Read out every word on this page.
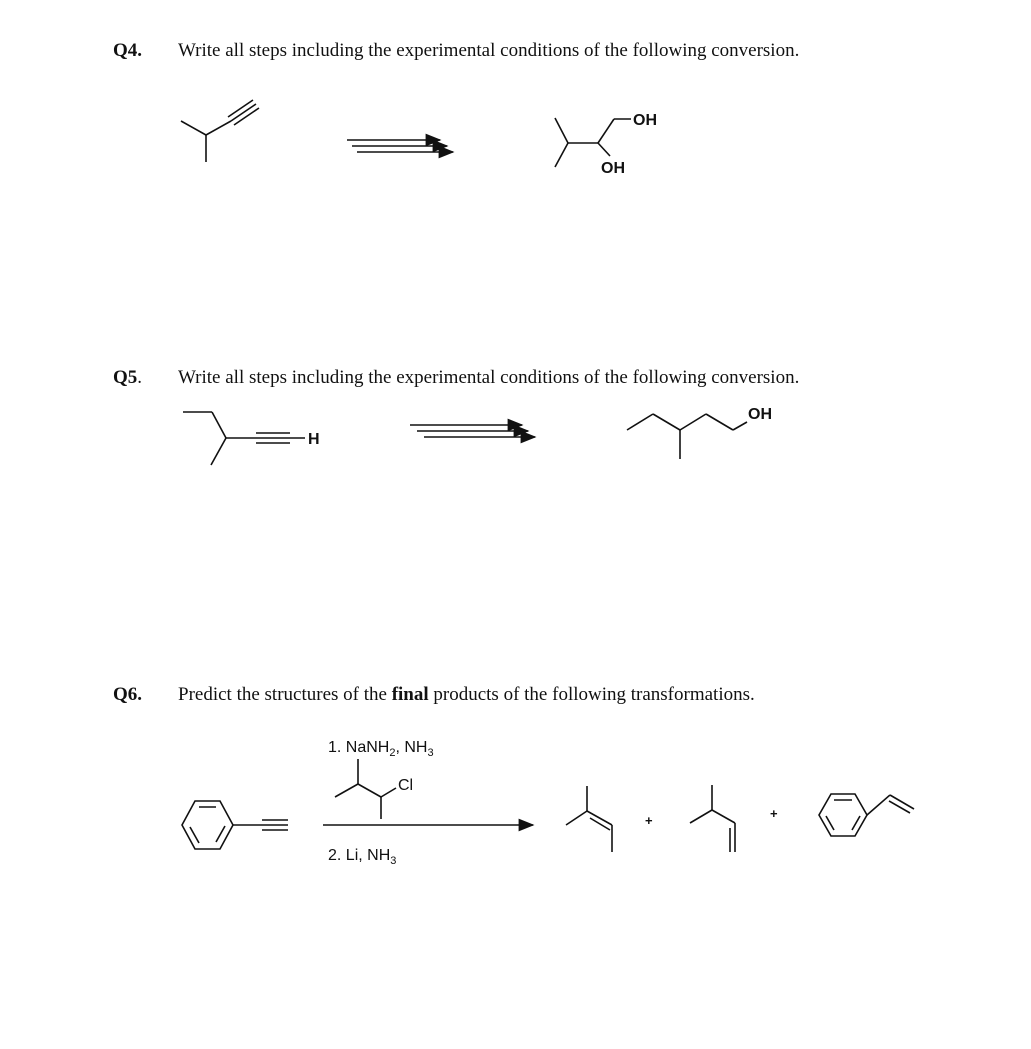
Q4. Write all steps including the experimental conditions of the following conversion.
Q5. Write all steps including the experimental conditions of the following conversion.
Q6. Predict the structures of the final products of the following transformations.
OH
OH
H
OH
1. NaNH$_2$, $NH_3$
Cl
2. Li, $NH_3$
+	+
